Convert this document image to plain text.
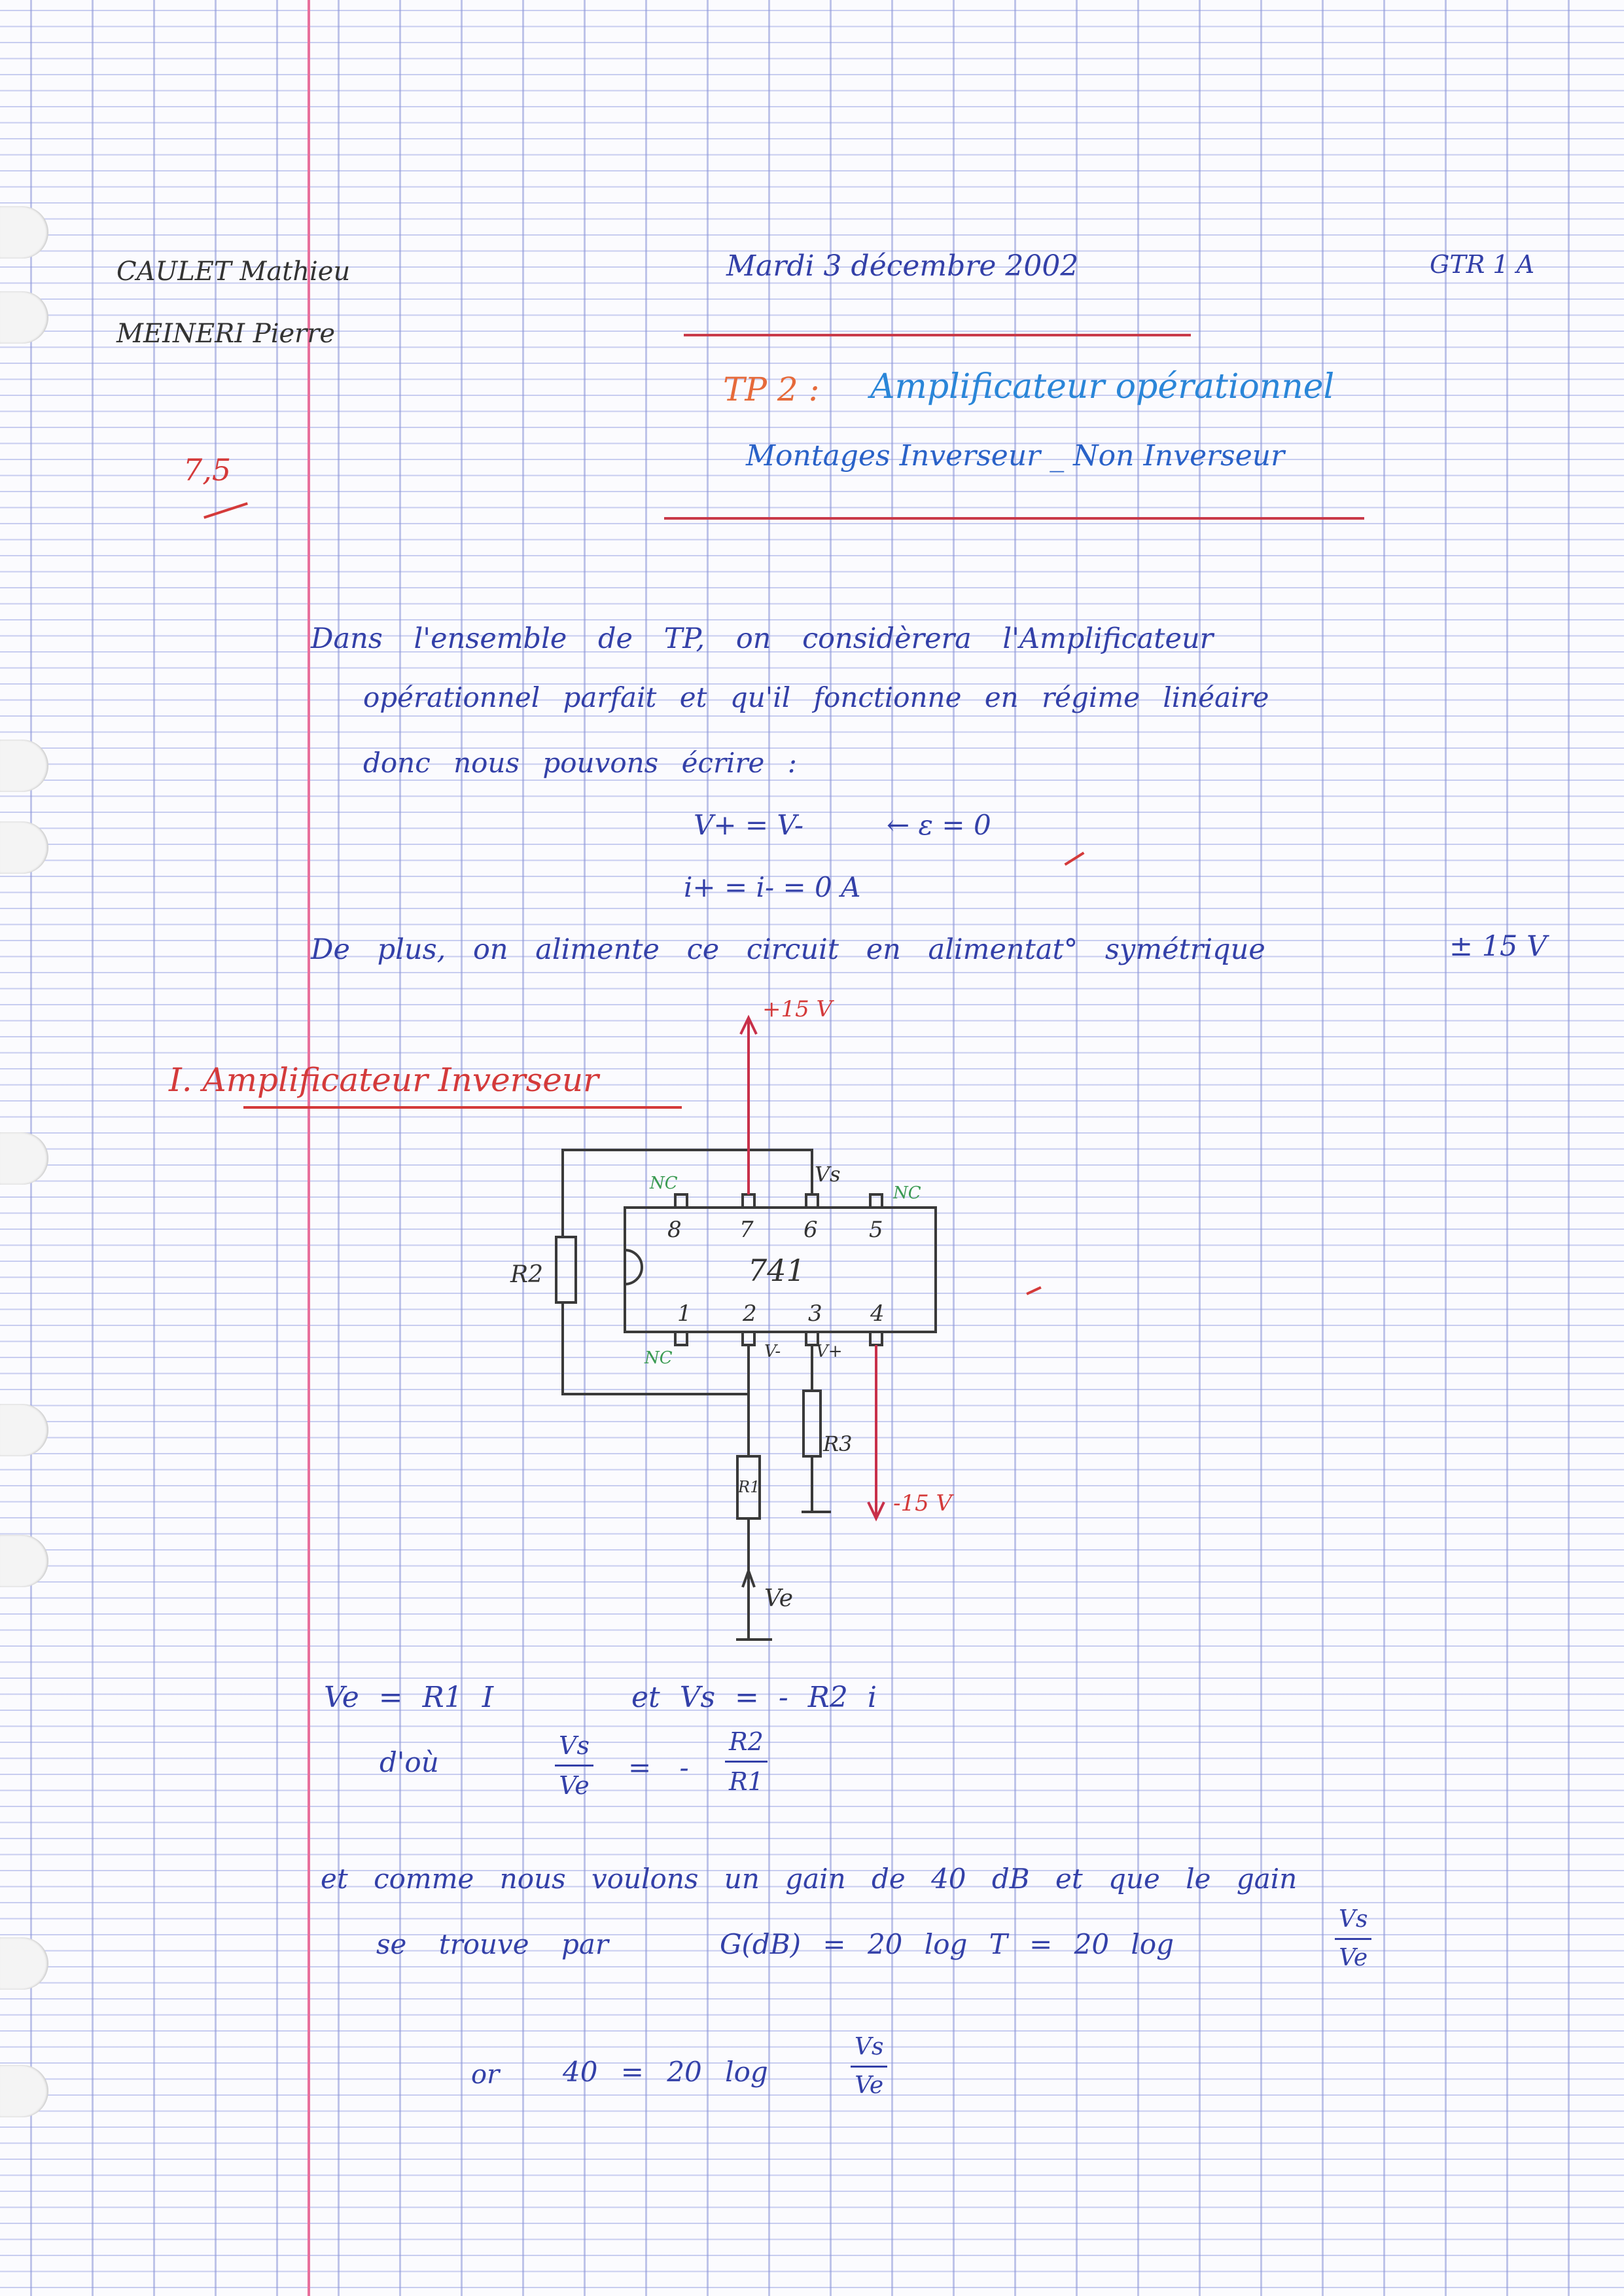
CAULET Mathieu
MEINERI Pierre
Mardi 3 décembre 2002	GTR 1 A
7,5
TP 2 : Amplificateur opérationnel
Montages Inverseur _ Non Inverseur
Dans l'ensemble de TP, on considèrera l'Amplificateur
opérationnel parfait et qu'il fonctionne en régime linéaire
donc nous pouvons écrire :
V+ = V-	← ε = 0
i+ = i- = 0 A
De plus, on alimente ce circuit en alimentat° symétrique	± 15 V
I. Amplificateur Inverseur
+15 V
-15 V
Vs
NC	NC
NC	V- V+
8	7 6 5
741
1 2 3 4
R2
R1
R3
Ve
Ve = R1 I	et Vs = - R2 i
d'où
Vs
Ve
= -
R2
R1
et comme nous voulons un gain de 40 dB et que le gain
se trouve par	G(dB) = 20 log T = 20 log
Vs
Ve
or 40 = 20 log
Vs
Ve
